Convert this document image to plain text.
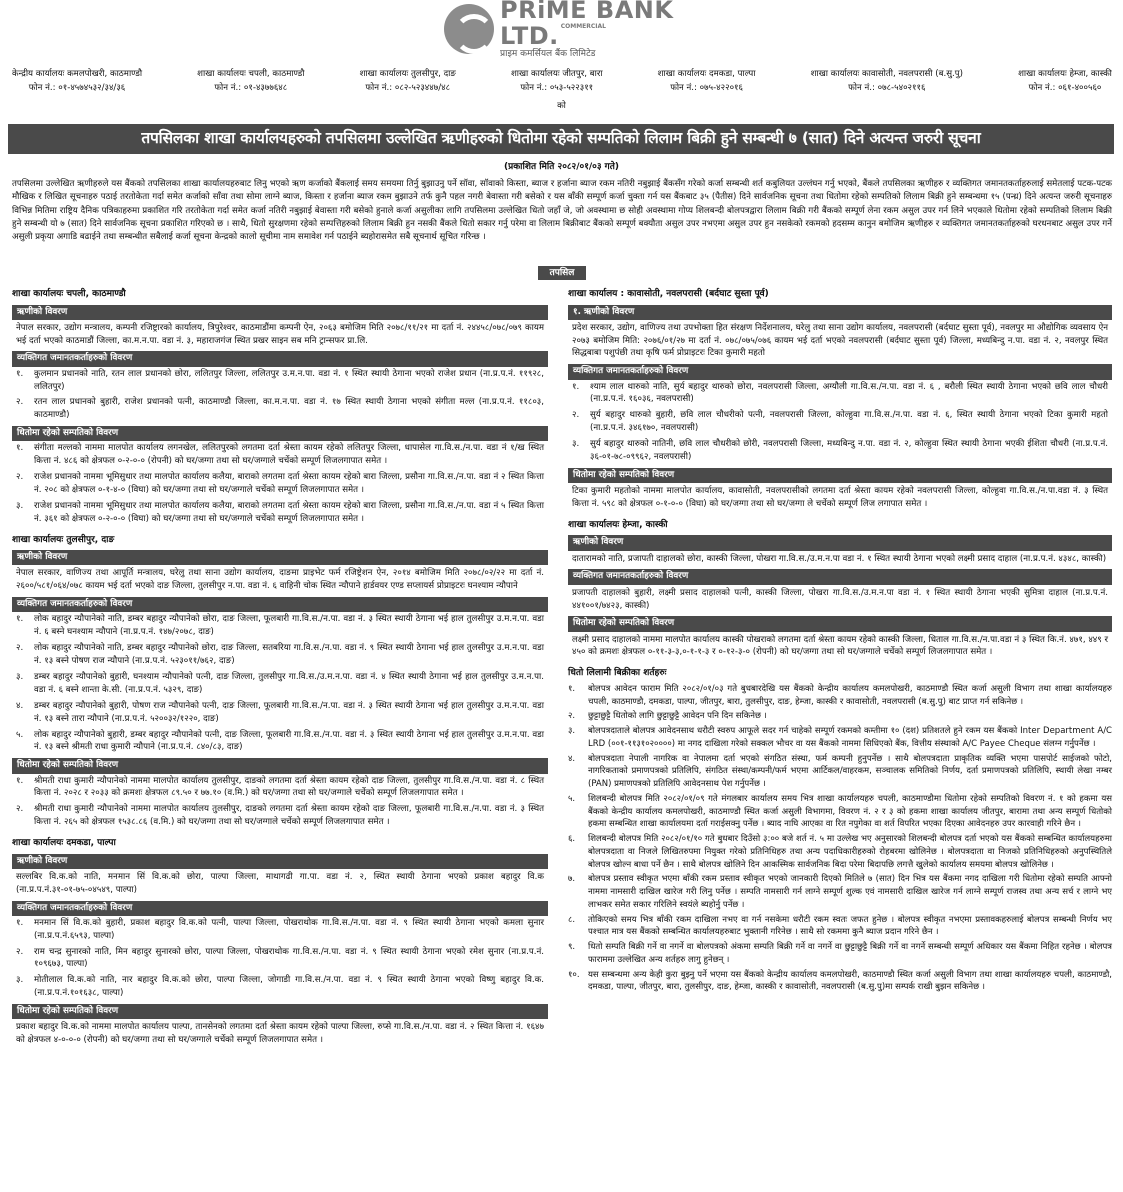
PRiME BANK LTD. $^{COMMERCIAL}$
प्राइम कमर्सियल बैंक लिमिटेड
केन्द्रीय कार्यालयः कमलपोखरी, काठमाण्डौ
फोन नं.: ०१-४५७४५३२/३४/३६
शाखा कार्यालयः चपली, काठमाण्डौ
फोन नं.: ०१-४३७७६४८
शाखा कार्यालयः तुलसीपुर, दाङ
फोन नं.: ०८२-५२३४४७/४८
शाखा कार्यालयः जीतपुर, बारा
फोन नं.: ०५३-५२२३११
शाखा कार्यालयः दमकडा, पाल्पा
फोन नं.: ०७५-४२२०१६
शाखा कार्यालयः कावासोती, नवलपरासी (ब.सु.पु)
फोन नं.: ०७८-५४०२११६
शाखा कार्यालयः हेम्जा, कास्की
फोन नं.: ०६१-४००५६०
को
तपसिलका शाखा कार्यालयहरुको तपसिलमा उल्लेखित ऋणीहरुको धितोमा रहेको सम्पतिको लिलाम बिक्री हुने सम्बन्धी ७ (सात) दिने अत्यन्त जरुरी सूचना
(प्रकाशित मिति २०८२/०१/०३ गते)
तपसिलमा उल्लेखित ऋणीहरुले यस बैंकको तपसिलका शाखा कार्यालयहरुबाट लिनु भएको ऋण कर्जाको बैंकलाई समय समयमा तिर्नु बुझाउनु पर्ने सॉवा, सॉवाको किस्ता, ब्याज र हर्जाना ब्याज रकम नतिरी नबुझाई बैंकसँग गरेको कर्जा सम्बन्धी शर्त कबुलियत उल्लंघन गर्नु भएको, बैंकले तपसिलका ऋणीहरु र व्यक्तिगत जमानतकर्ताहरुलाई समेतलाई पटक-पटक मौखिक र लिखित सूचनाहरु पठाई तरतोकेता गर्दा समेत कर्जाको साँवा तथा सोमा लाग्ने ब्याज, किस्ता र हर्जाना ब्याज रकम बुझाउने तर्फ कुनै पहल नगरी बेवास्ता गरी बसेको र यस बाँकी सम्पूर्ण कर्जा चुक्ता गर्न यस बैंकबाट ३५ (पैतीस) दिने सार्वजनिक सूचना तथा धितोमा रहेको सम्पतिको लिलाम बिक्री हुने सम्बन्धमा १५ (पन्ध्र) दिने अत्यन्त जरुरी सूचनाहरु विभिन्न मितिमा राष्ट्रिय दैनिक पत्रिकाहरुमा प्रकाशित गरि तरतोकेता गर्दा समेत कर्जा नतिरी नबुझाई बेवास्ता गरी बसेको हुनाले कर्जा असुलीका लागि तपसिलमा उल्लेखित धितो जहाँ जे, जो अवस्थामा छ सोही अवस्थामा गोप्य शिलबन्दी बोलपत्रद्वारा लिलाम बिक्री गरी बैंकको सम्पूर्ण लेना रकम असुल उपर गर्न लिने भएकाले धितोमा रहेको सम्पतिको लिलाम बिक्री हुने सम्बन्धी यो ७ (सात) दिने सार्वजनिक सूचना प्रकाशित गरिएको छ । साथै, धितो सुरक्षणमा रहेको सम्पत्तिहरुको लिलाम बिक्री हुन नसकी बैंकले धितो सकार गर्नु परेमा वा लिलाम बिक्रीबाट बैंकको सम्पूर्ण बक्यौता असुल उपर नभएमा असुल उपर हुन नसकेको रकमको हदसम्म कानुन बमोजिम ऋणीहरु र व्यक्तिगत जमानतकर्ताहरुको घरधनबाट असुल उपर गर्ने असुली प्रकृया अगाडि बढाईने तथा सम्बन्धीत सबैलाई कर्जा सूचना केन्द्रको कालो सूचीमा नाम समावेश गर्न पठाईने ब्यहोरासमेत सबै सूचनार्थ सूचित गरिन्छ ।
तपसिल
शाखा कार्यालयः चपली, काठमाण्डौ
ऋणीको विवरण
नेपाल सरकार, उद्योग मन्त्रालय, कम्पनी रजिष्ट्रारको कार्यालय, त्रिपुरेश्वर, काठमाडौंमा कम्पनी ऐन, २०६३ बमोजिम मिति २०७८/११/२१ मा दर्ता नं. २४४५८/०७८/०७९ कायम भई दर्ता भएको काठमाडौं जिल्ला, का.म.न.पा. वडा नं. ३, महाराजगंज स्थित प्रखर साइन सब मनि ट्रान्सफर प्रा.लि.
व्यक्तिगत जमानतकर्ताहरुको विवरण
१.	कुलमान प्रधानको नाति, रतन लाल प्रधानको छोरा, ललितपुर जिल्ला, ललितपुर उ.म.न.पा. वडा नं. १ स्थित स्थायी ठेगाना भएको राजेश प्रधान (ना.प्र.प.नं. ११९२८, ललितपुर)
२.	रतन लाल प्रधानको बुहारी, राजेश प्रधानको पत्नी, काठमाण्डौ जिल्ला, का.म.न.पा. वडा नं. १७ स्थित स्थायी ठेगाना भएको संगीता मल्ल (ना.प्र.प.नं. ११८०३, काठमाण्डौ)
धितोमा रहेको सम्पतिको विवरण
१.	संगीता मल्लको नाममा मालपोत कार्यालय लगनखेल, ललितपुरको लगतमा दर्ता श्रेस्ता कायम रहेको ललितपुर जिल्ला, धापासेल गा.वि.स./न.पा. वडा नं १/ख स्थित कित्ता नं. ४८६ को क्षेत्रफल ०-२-०-० (रोपनी) को घर/जग्गा तथा सो घर/जग्गाले चर्चेको सम्पूर्ण लिजलगापात समेत ।
२.	राजेश प्रधानको नाममा भूमिसुधार तथा मालपोत कार्यालय कलैया, बाराको लगतमा दर्ता श्रेस्ता कायम रहेको बारा जिल्ला, प्रसौना गा.वि.स./न.पा. वडा नं २ स्थित कित्ता नं. २०८ को क्षेत्रफल ०-१-४-० (विघा) को घर/जग्गा तथा सो घर/जग्गाले चर्चेको सम्पूर्ण लिजलगापात समेत ।
३.	राजेश प्रधानको नाममा भूमिसुधार तथा मालपोत कार्यालय कलैया, बाराको लगतमा दर्ता श्रेस्ता कायम रहेको बारा जिल्ला, प्रसौना गा.वि.स./न.पा. वडा नं ५ स्थित कित्ता नं. ३६१ को क्षेत्रफल ०-२-०-० (विघा) को घर/जग्गा तथा सो घर/जग्गाले चर्चेको सम्पूर्ण लिजलगापात समेत ।
शाखा कार्यालयः तुलसीपुर, दाङ
ऋणीको विवरण
नेपाल सरकार, वाणिज्य तथा आपूर्ति मन्त्रालय, घरेलु तथा साना उद्योग कार्यालय, दाङमा प्राइभेट फर्म रजिष्ट्रेशन ऐन, २०१४ बमोजिम मिति २०७८/०२/२२ मा दर्ता नं. २६००/५८१/०६४/०७८ कायम भई दर्ता भएको दाङ जिल्ला, तुलसीपुर न.पा. वडा नं. ६ वाहिनी चोक स्थित न्यौपाने हार्डवयर एण्ड सप्लायर्स प्रोप्राइटरः घनश्याम न्यौपाने
व्यक्तिगत जमानतकर्ताहरुको विवरण
१.	लोक बहादुर न्यौपानेको नाति, डम्बर बहादुर न्यौपानेको छोरा, दाङ जिल्ला, फूलबारी गा.वि.स./न.पा. वडा नं. ३ स्थित स्थायी ठेगाना भई हाल तुलसीपुर उ.म.न.पा. वडा नं. ६ बस्ने घनश्याम न्यौपाने (ना.प्र.प.नं. १४७/२०७८, दाङ)
२.	लोक बहादुर न्यौपानेको नाति, डम्बर बहादुर न्यौपानेको छोरा, दाङ जिल्ला, सतबरिया गा.वि.स./न.पा. वडा नं. ९ स्थित स्थायी ठेगाना भई हाल तुलसीपुर उ.म.न.पा. वडा नं. १३ बस्ने पोषण राज न्यौपाने (ना.प्र.प.नं. ५२३०११/७६२, दाङ)
३.	डम्बर बहादुर न्यौपानेको बुहारी, घनश्याम न्यौपानेको पत्नी, दाङ जिल्ला, तुलसीपुर गा.वि.स./उ.म.न.पा. वडा नं. ४ स्थित स्थायी ठेगाना भई हाल तुलसीपुर उ.म.न.पा. वडा नं. ६ बस्ने शान्ता के.सी. (ना.प्र.प.नं. ५३२९, दाङ)
४.	डम्बर बहादुर न्यौपानेको बुहारी, पोषण राज न्यौपानेको पत्नी, दाङ जिल्ला, फूलबारी गा.वि.स./न.पा. वडा नं. ३ स्थित स्थायी ठेगाना भई हाल तुलसीपुर उ.म.न.पा. वडा नं. १३ बस्ने तारा न्यौपाने (ना.प्र.प.नं. ५२००३२/१२२०, दाङ)
५.	लोक बहादुर न्यौपानेको बुहारी, डम्बर बहादुर न्यौपानेको पत्नी, दाङ जिल्ला, फूलबारी गा.वि.स./न.पा. वडा नं. ३ स्थित स्थायी ठेगाना भई हाल तुलसीपुर उ.म.न.पा. वडा नं. १३ बस्ने श्रीमती राधा कुमारी न्यौपाने (ना.प्र.प.नं. ८४०/८३, दाङ)
धितोमा रहेको सम्पतिको विवरण
१.	श्रीमती राधा कुमारी न्यौपानेको नाममा मालपोत कार्यालय तुलसीपुर, दाङको लगतमा दर्ता श्रेस्ता कायम रहेको दाङ जिल्ला, तुलसीपुर गा.वि.स./न.पा. वडा नं. ८ स्थित कित्ता नं. २०२८ र २०३३ को क्रमशः क्षेत्रफल ८९.५० र ७७.१० (व.मि.) को घर/जग्गा तथा सो घर/जग्गाले चर्चेको सम्पूर्ण लिजलगापात समेत ।
२.	श्रीमती राधा कुमारी न्यौपानेको नाममा मालपोत कार्यालय तुलसीपुर, दाङको लगतमा दर्ता श्रेस्ता कायम रहेको दाङ जिल्ला, फूलबारी गा.वि.स./न.पा. वडा नं. ३ स्थित कित्ता नं. २६५ को क्षेत्रफल १५३८.८६ (व.मि.) को घर/जग्गा तथा सो घर/जग्गाले चर्चेको सम्पूर्ण लिजलगापात समेत ।
शाखा कार्यालयः दमकडा, पाल्पा
ऋणीको विवरण
सल्लबिर वि.क.को नाति, मनमान सिं वि.क.को छोरा, पाल्पा जिल्ला, माथागढी गा.पा. वडा नं. २, स्थित स्थायी ठेगाना भएको प्रकाश बहादुर वि.क (ना.प्र.प.नं.३१-०१-७५-०४५४९, पाल्पा)
व्यक्तिगत जमानतकर्ताहरुको विवरण
१.	मनमान सिं वि.क.को बुहारी, प्रकाश बहादुर वि.क.को पत्नी, पाल्पा जिल्ला, पोखराथोक गा.वि.स./न.पा. वडा नं. ९ स्थित स्थायी ठेगाना भएको कमला सुनार (ना.प्र.प.नं.६५९३, पाल्पा)
२.	राम चन्द्र सुनारको नाति, मिन बहादुर सुनारको छोरा, पाल्पा जिल्ला, पोखराथोक गा.वि.स./न.पा. वडा नं. ९ स्थित स्थायी ठेगाना भएको रमेश सुनार (ना.प्र.प.नं. १०९६७३, पाल्पा)
३.	मोतीलाल वि.क.को नाति, नार बहादुर वि.क.को छोरा, पाल्पा जिल्ला, जोगाडी गा.वि.स./न.पा. वडा नं. ९ स्थित स्थायी ठेगाना भएको विष्णु बहादुर वि.क. (ना.प्र.प.नं.१०१६३८, पाल्पा)
धितोमा रहेको सम्पतिको विवरण
प्रकाश बहादुर वि.क.को नाममा मालपोत कार्यालय पाल्पा, तानसेनको लगतमा दर्ता श्रेस्ता कायम रहेको पाल्पा जिल्ला, रुप्से गा.वि.स./न.पा. वडा नं. २ स्थित कित्ता नं. १६४७ को क्षेत्रफल ४-०-०-० (रोपनी) को घर/जग्गा तथा सो घर/जग्गाले चर्चेको सम्पूर्ण लिजलगापात समेत ।
शाखा कार्यालय : कावासोती, नवलपरासी (बर्दघाट सुस्ता पूर्व)
१. ऋणीको विवरण
प्रदेश सरकार, उद्योग, वाणिज्य तथा उपभोक्ता हित संरक्षण निर्देशनालय, घरेलु तथा साना उद्योग कार्यालय, नवलपरासी (बर्दघाट सुस्ता पूर्व), नवलपुर मा औद्योगिक व्यवसाय ऐन २०७३ बमोजिम मिति: २०७६/०१/२७ मा दर्ता नं. ०७८/०७५/०७६ कायम भई दर्ता भएको नवलपरासी (बर्दघाट सुस्ता पूर्व) जिल्ला, मध्यबिन्दु न.पा. वडा नं. २, नवलपुर स्थित सिद्धबाबा पशुपंछी तथा कृषि फर्म प्रोप्राइटरः टिका कुमारी महतो
व्यक्तिगत जमानतकर्ताहरुको विवरण
१.	श्याम लाल थारुको नाति, सुर्य बहादुर थारुको छोरा, नवलपरासी जिल्ला, अग्यौली गा.वि.स./न.पा. वडा नं. ६ , बरौली स्थित स्थायी ठेगाना भएको छवि लाल चौधरी (ना.प्र.प.नं. १६०३६, नवलपरासी)
२.	सुर्य बहादुर थारुको बुहारी, छवि लाल चौधरीको पत्नी, नवलपरासी जिल्ला, कोल्हुवा गा.वि.स./न.पा. वडा नं. ६, स्थित स्थायी ठेगाना भएको टिका कुमारी महतो (ना.प्र.प.नं. ३४६१७०, नवलपरासी)
३.	सुर्य बहादुर थारुको नातिनी, छवि लाल चौधरीको छोरी, नवलपरासी जिल्ला, मध्यबिन्दु न.पा. वडा नं. २, कोल्हुवा स्थित स्थायी ठेगाना भएकी ईशिता चौधरी (ना.प्र.प.नं. ३६-०१-७८-०९९६२, नवलपरासी)
धितोमा रहेको सम्पतिको विवरण
टिका कुमारी महतोको नाममा मालपोत कार्यालय, कावासोती, नवलपरासीको लगतमा दर्ता श्रेस्ता कायम रहेको नवलपरासी जिल्ला, कोल्हुवा गा.वि.स./न.पा.वडा नं. ३ स्थित कित्ता नं. ५९८ को क्षेत्रफल ०-१-०-० (विघा) को घर/जग्गा तथा सो घर/जग्गा ले चर्चेको सम्पूर्ण लिज लगापात समेत ।
शाखा कार्यालयः हेम्जा, कास्की
ऋणीको विवरण
दातारामको नाति, प्रजापती दाहालको छोरा, कास्की जिल्ला, पोखरा गा.वि.स./उ.म.न.पा वडा नं. १ स्थित स्थायी ठेगाना भएको लक्ष्मी प्रसाद दाहाल (ना.प्र.प.नं. ४३४८, कास्की)
व्यक्तिगत जमानतकर्ताहरुको विवरण
प्रजापती दाहालको बुहारी, लक्ष्मी प्रसाद दाहालको पत्नी, कास्की जिल्ला, पोखरा गा.वि.स./उ.म.न.पा वडा नं. १ स्थित स्थायी ठेगाना भएकी सुमित्रा दाहाल (ना.प्र.प.नं. ४४१००१/७४२३, कास्की)
धितोमा रहेको सम्पतिको विवरण
लक्ष्मी प्रसाद दाहालको नाममा मालपोत कार्यालय कास्की पोखराको लगतमा दर्ता श्रेस्ता कायम रहेको कास्की जिल्ला, धिताल गा.वि.स./न.पा.वडा नं ३ स्थित कि.नं. ४७१, ४४९ र ४५० को क्रमशः क्षेत्रफल ०-११-३-३,०-१-१-३ र ०-१२-३-० (रोपनी) को घर/जग्गा तथा सो घर/जग्गाले चर्चेको सम्पूर्ण लिजलगापात समेत ।
धितो लिलामी बिक्रीका शर्तहरुः
१.	बोलपत्र आवेदन फाराम मिति २०८२/०१/०३ गते बुधबारदेखि यस बैंकको केन्द्रीय कार्यालय कमलपोखरी, काठमाण्डौ स्थित कर्जा असुली विभाग तथा शाखा कार्यालयहरु चपली, काठमाण्डौ, दमकडा, पाल्पा, जीतपुर, बारा, तुलसीपुर, दाङ, हेम्जा, कास्की र कावासोती, नवलपरासी (ब.सु.पु) बाट प्राप्त गर्न सकिनेछ ।
२.	छुट्टाछुट्टै धितोको लागि छुट्टाछुट्टै आवेदन पनि दिन सकिनेछ ।
३.	बोलपत्रदाताले बोलपत्र आवेदनसाथ धरौटी स्वरुप आफूले सदर गर्न चाहेको सम्पूर्ण रकमको कम्तीमा १० (दश) प्रतिशतले हुने रकम यस बैंकको Inter Department A/C LRD (००१-११३१०२००००) मा नगद दाखिला गरेको सक्कल भौचर वा यस बैंकको नाममा सिधिएको बैंक, वित्तीय संस्थाको A/C Payee Cheque संलग्न गर्नुपर्नेछ ।
४.	बोलपत्रदाता नेपाली नागरिक वा नेपालमा दर्ता भएको संगठित संस्था, फर्म कम्पनी हुनुपर्नेछ । साथै बोलपत्रदाता प्राकृतिक व्यक्ति भएमा पासपोर्ट साईजको फोटो, नागरिकताको प्रमाणपत्रको प्रतिलिपि, संगठित संस्था/कम्पनी/फर्म भएमा आर्टिकल/वाहरकम, सञ्चालक समितिको निर्णय, दर्ता प्रमाणपत्रको प्रतिलिपि, स्थायी लेखा नम्बर (PAN) प्रमाणपत्रको प्रतिलिपि आवेदनसाथ पेश गर्नुपर्नेछ ।
५.	शिलबन्दी बोलपत्र मिति २०८२/०१/०९ गते मंगलबार कार्यालय समय भित्र शाखा कार्यालयहरु चपली, काठमाण्डौमा धितोमा रहेको सम्पतिको विवरण नं. १ को हकमा यस बैंकको केन्द्रीय कार्यालय कमलपोखरी, काठमाण्डौ स्थित कर्जा असुली विभागमा, विवरण नं. २ र ३ को हकमा शाखा कार्यालय जीतपुर, बारामा तथा अन्य सम्पूर्ण धितोको हकमा सम्बन्धित शाखा कार्यालयमा दर्ता गराईसक्नु पर्नेछ । ब्याद नाघि आएका वा रित नपुगेका वा शर्त विपरित भएका दिएका आवेदनहरु उपर कारवाही गरिने छैन ।
६.	शिलबन्दी बोलपत्र मिति २०८२/०१/१० गते बुधबार दिउँसो ३:०० बजे शर्त नं. ५ मा उल्लेख भए अनुसारको शिलबन्दी बोलपत्र दर्ता भएको यस बैंकको सम्बन्धित कार्यालयहरुमा बोलपत्रदाता वा निजले लिखितरुपमा नियुक्त गरेको प्रतिनिधिहरु तथा अन्य पदाधिकारीहरुको रोहबरमा खोलिनेछ । बोलपत्रदाता वा निजको प्रतिनिधिहरुको अनुपस्थितिले बोलपत्र खोल्न बाधा पर्ने छैन । साथै बोलपत्र खोलिने दिन आकस्मिक सार्वजनिक बिदा परेमा बिदापछि लगत्तै खुलेको कार्यालय समयमा बोलपत्र खोलिनेछ ।
७.	बोलपत्र प्रस्ताव स्वीकृत भएमा बाँकी रकम प्रस्ताव स्वीकृत भएको जानकारी दिएको मितिले ७ (सात) दिन भित्र यस बैंकमा नगद दाखिला गरी धितोमा रहेको सम्पति आफ्नो नाममा नामसारी दाखिल खारेज गरी लिनु पर्नेछ । सम्पति नामसारी गर्न लाग्ने सम्पूर्ण शुल्क एवं नामसारी दाखिल खारेज गर्न लाग्ने सम्पूर्ण राजस्व तथा अन्य सर्च र लाग्ने भए लाभकर समेत सकार गरिलिने स्वयंले ब्यहोर्नु पर्नेछ ।
८.	तोकिएको समय भित्र बाँकी रकम दाखिला नभए वा गर्न नसकेमा धरौटी रकम स्वतः जफत हुनेछ । बोलपत्र स्वीकृत नभएमा प्रस्तावकहरुलाई बोलपत्र सम्बन्धी निर्णय भए पश्चात मात्र यस बैंकको सम्बन्धित कार्यालयहरुबाट भुक्तानी गरिनेछ । साथै सो रकममा कुनै ब्याज प्रदान गरिने छैन ।
९.	धितो सम्पति बिक्री गर्ने वा नगर्ने वा बोलपत्रको अंकमा सम्पति बिक्री गर्ने वा नगर्ने वा छुट्टाछुट्टै बिक्री गर्ने वा नगर्ने सम्बन्धी सम्पूर्ण अधिकार यस बैंकमा निहित रहनेछ । बोलपत्र फाराममा उल्लेखित अन्य शर्तहरु लागु हुनेछन् ।
१०. यस सम्बन्धमा अन्य केही कुरा बुझ्नु पर्ने भएमा यस बैंकको केन्द्रीय कार्यालय कमलपोखरी, काठमाण्डौ स्थित कर्जा असुली विभाग तथा शाखा कार्यालयहरु चपली, काठमाण्डौ, दमकडा, पाल्पा, जीतपुर, बारा, तुलसीपुर, दाङ, हेम्जा, कास्की र कावासोती, नवलपरासी (ब.सु.पु)मा सम्पर्क राखी बुझन सकिनेछ ।
